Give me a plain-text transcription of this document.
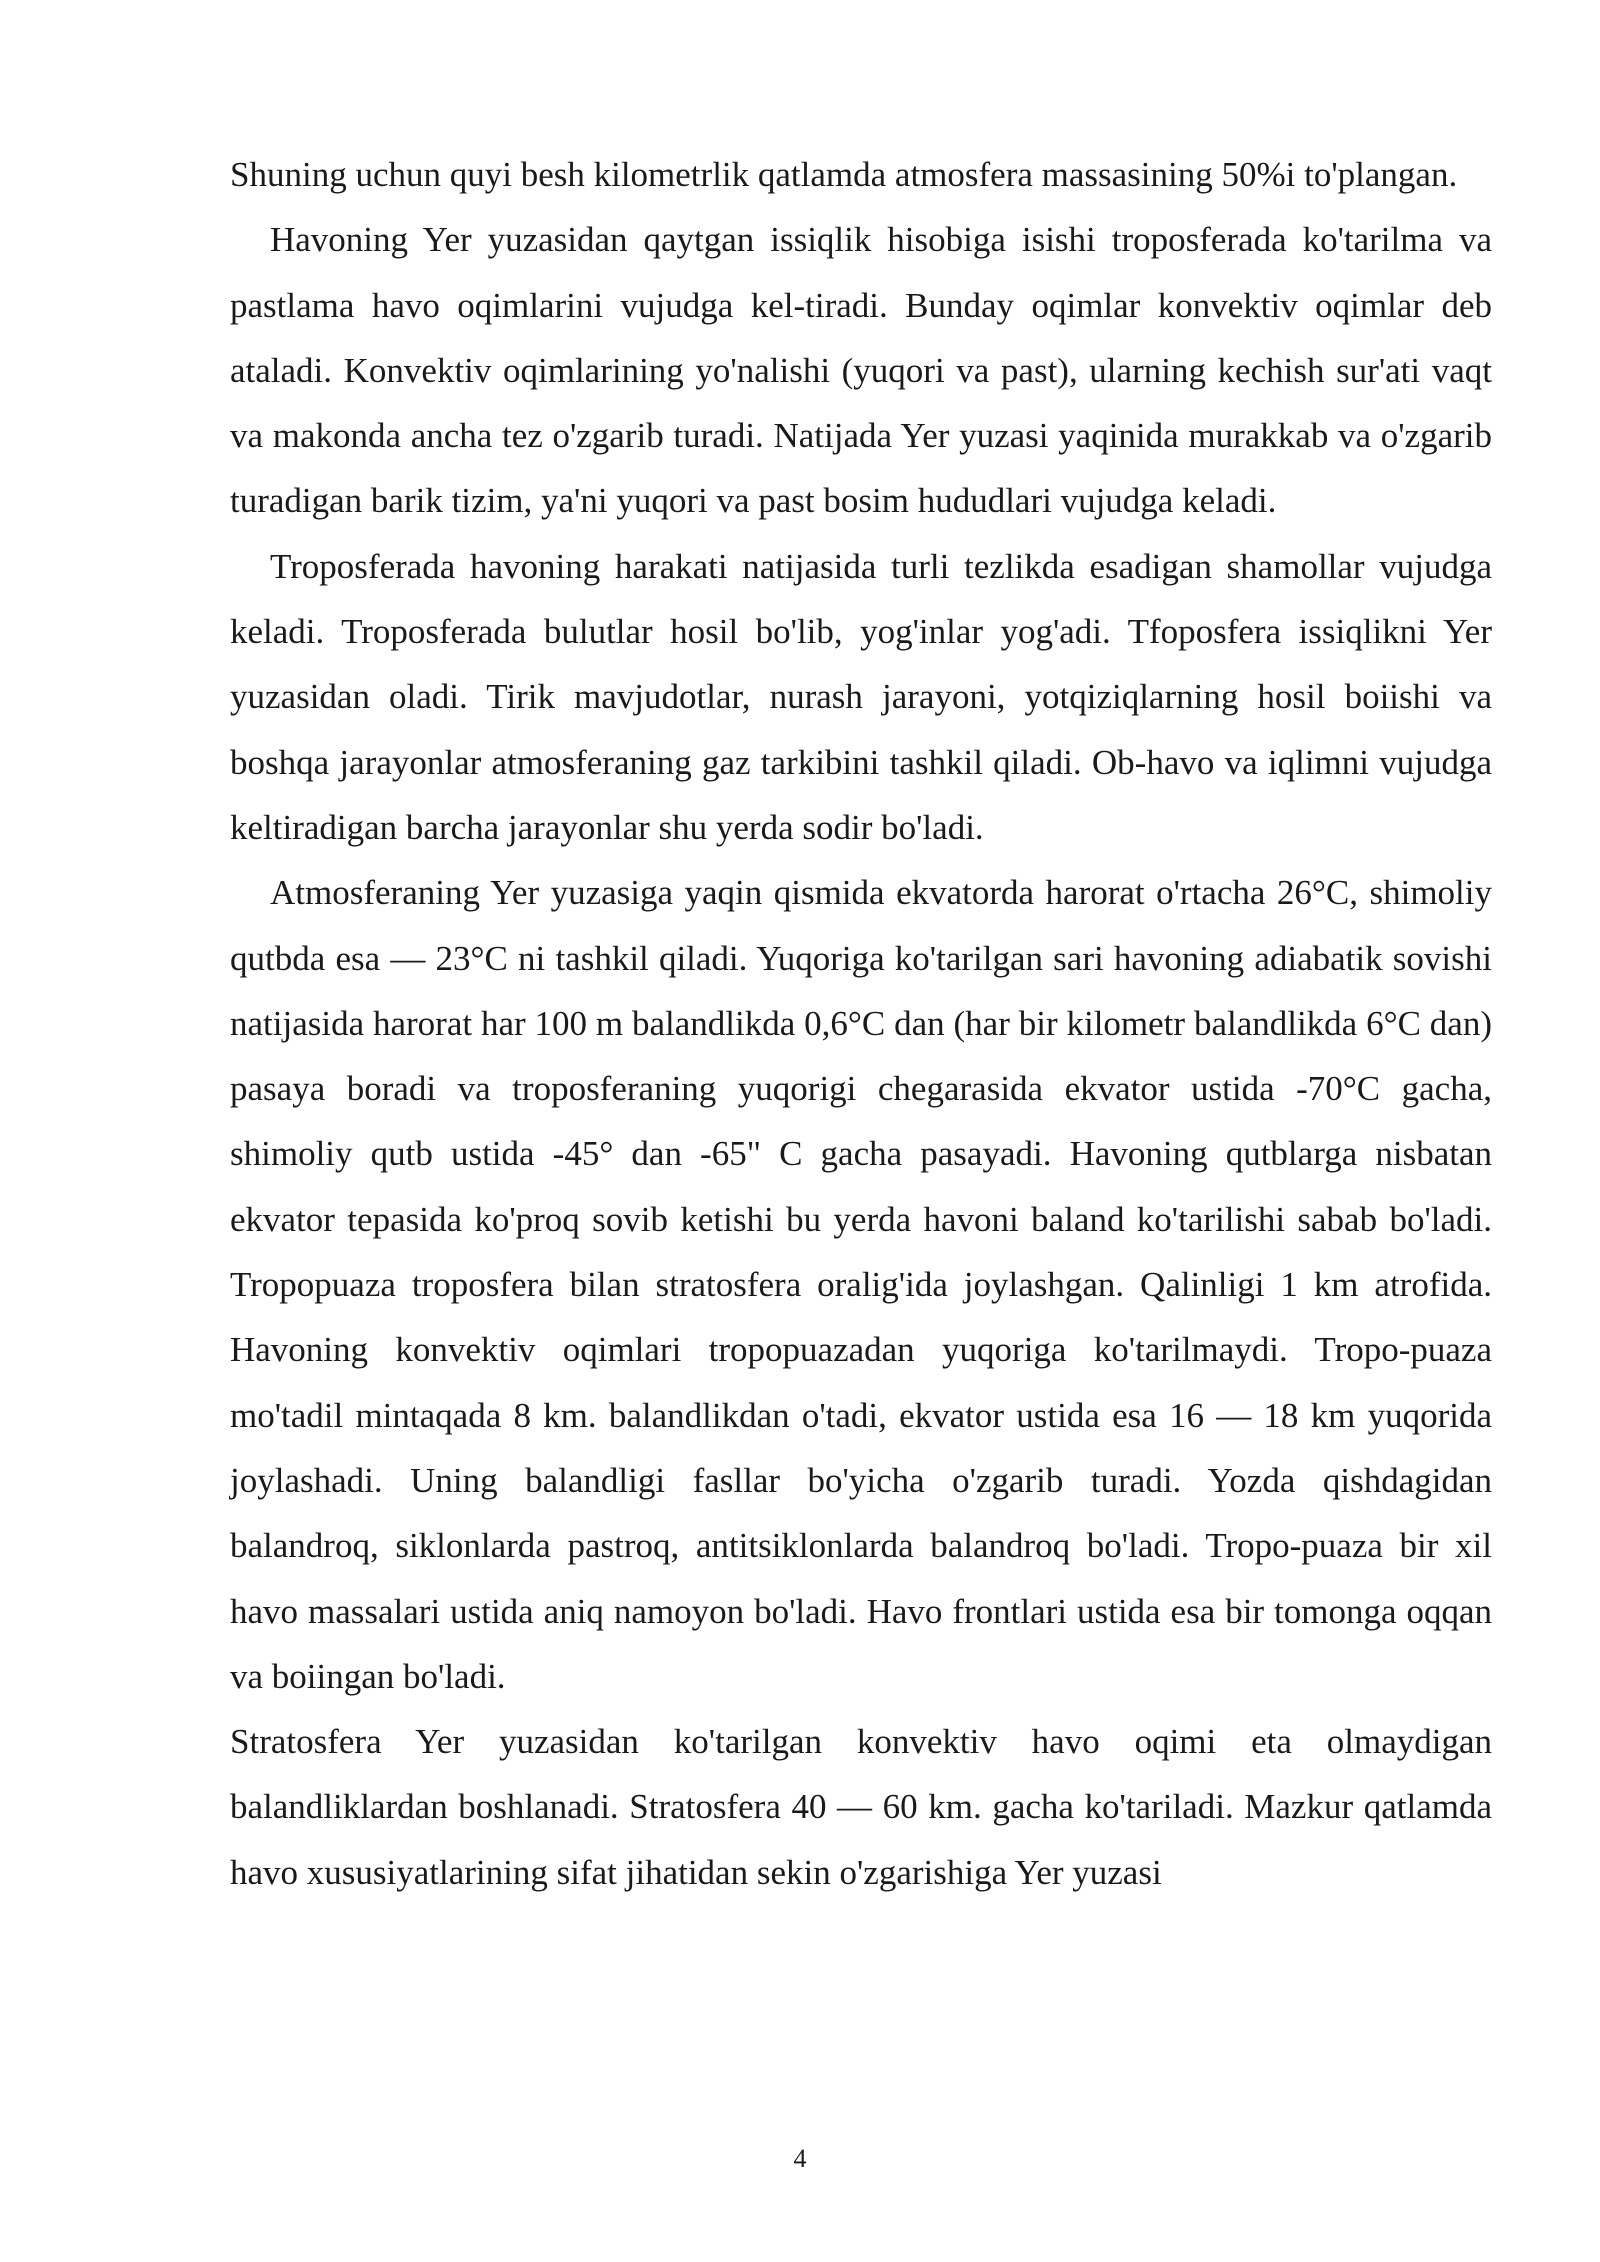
Shuning uchun quyi besh kilometrlik qatlamda atmosfera massasining 50%i to'plangan.

Havoning Yer yuzasidan qaytgan issiqlik hisobiga isishi troposferada ko'tarilma va pastlama havo oqimlarini vujudga kel-tiradi. Bunday oqimlar konvektiv oqimlar deb ataladi. Konvektiv oqimlarining yo'nalishi (yuqori va past), ularning kechish sur'ati vaqt va makonda ancha tez o'zgarib turadi. Natijada Yer yuzasi yaqinida murakkab va o'zgarib turadigan barik tizim, ya'ni yuqori va past bosim hududlari vujudga keladi.

Troposferada havoning harakati natijasida turli tezlikda esadigan shamollar vujudga keladi. Troposferada bulutlar hosil bo'lib, yog'inlar yog'adi. Tfoposfera issiqlikni Yer yuzasidan oladi. Tirik mavjudotlar, nurash jarayoni, yotqiziqlarning hosil boiishi va boshqa jarayonlar atmosferaning gaz tarkibini tashkil qiladi. Ob-havo va iqlimni vujudga keltiradigan barcha jarayonlar shu yerda sodir bo'ladi.

Atmosferaning Yer yuzasiga yaqin qismida ekvatorda harorat o'rtacha 26°C, shimoliy qutbda esa — 23°C ni tashkil qiladi. Yuqoriga ko'tarilgan sari havoning adiabatik sovishi natijasida harorat har 100 m balandlikda 0,6°C dan (har bir kilometr balandlikda 6°C dan) pasaya boradi va troposferaning yuqorigi chegarasida ekvator ustida -70°C gacha, shimoliy qutb ustida -45° dan -65" C gacha pasayadi. Havoning qutblarga nisbatan ekvator tepasida ko'proq sovib ketishi bu yerda havoni baland ko'tarilishi sabab bo'ladi. Tropopuaza troposfera bilan stratosfera oralig'ida joylashgan. Qalinligi 1 km atrofida. Havoning konvektiv oqimlari tropopuazadan yuqoriga ko'tarilmaydi. Tropo-puaza mo'tadil mintaqada 8 km. balandlikdan o'tadi, ekvator ustida esa 16 — 18 km yuqorida joylashadi. Uning balandligi fasllar bo'yicha o'zgarib turadi. Yozda qishdagidan balandroq, siklonlarda pastroq, antitsiklonlarda balandroq bo'ladi. Tropo-puaza bir xil havo massalari ustida aniq namoyon bo'ladi. Havo frontlari ustida esa bir tomonga oqqan va boiingan bo'ladi.

Stratosfera Yer yuzasidan ko'tarilgan konvektiv havo oqimi eta olmaydigan balandliklardan boshlanadi. Stratosfera 40 — 60 km. gacha ko'tariladi. Mazkur qatlamda havo xususiyatlarining sifat jihatidan sekin o'zgarishiga Yer yuzasi

4
